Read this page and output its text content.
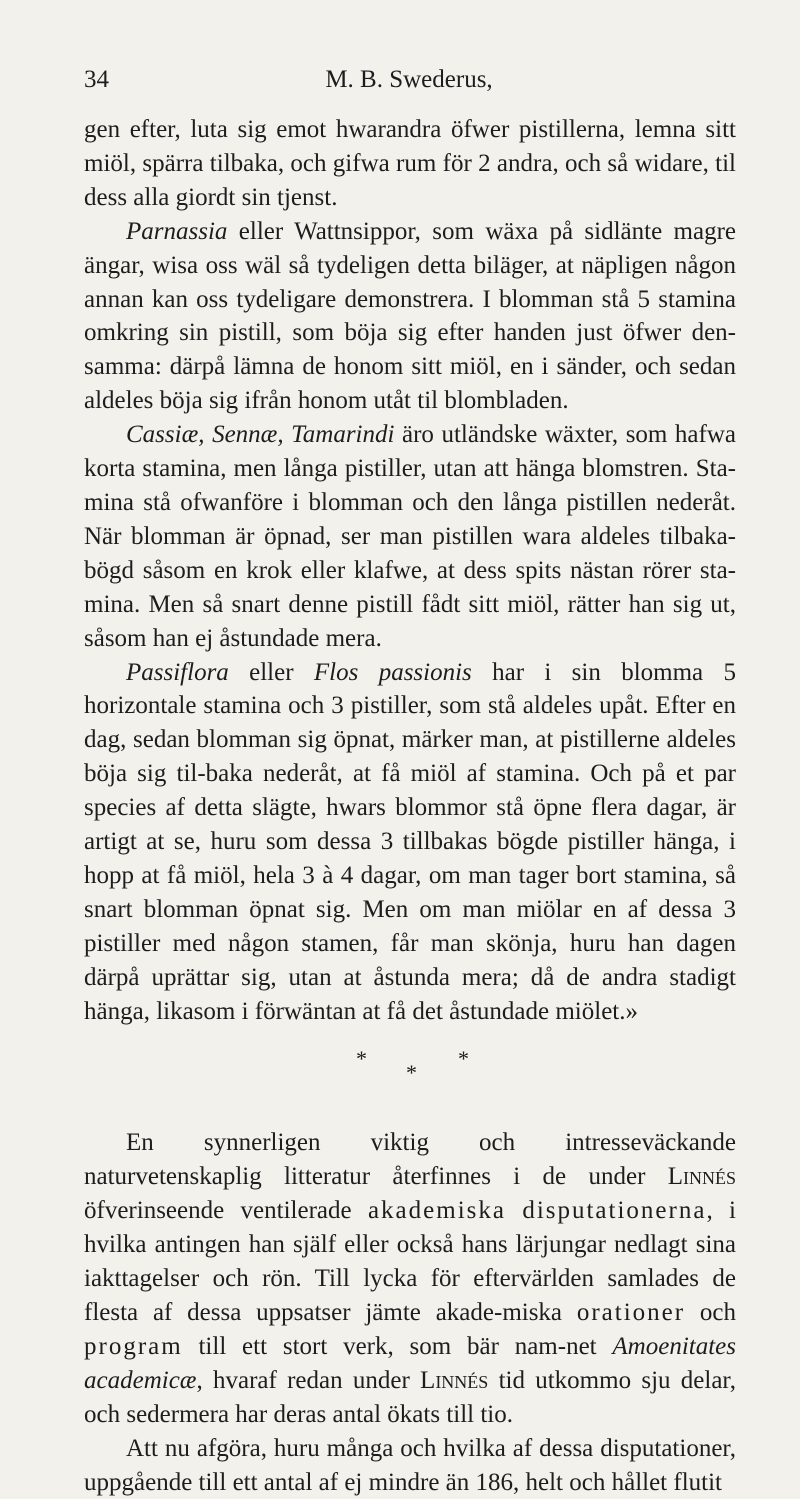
34	M. B. Swederus,

gen efter, luta sig emot hwarandra öfwer pistillerna, lemna sitt miöl, spärra tilbaka, och gifwa rum för 2 andra, och så widare, til dess alla giordt sin tjenst.

Parnassia eller Wattnsippor, som wäxa på sidlänte magre ängar, wisa oss wäl så tydeligen detta biläger, at näpligen någon annan kan oss tydeligare demonstrera. I blomman stå 5 stamina omkring sin pistill, som böja sig efter handen just öfwer den-samma: därpå lämna de honom sitt miöl, en i sänder, och sedan aldeles böja sig ifrån honom utåt til blombladen.

Cassiæ, Sennæ, Tamarindi äro utländske wäxter, som hafwa korta stamina, men långa pistiller, utan att hänga blomstren. Sta-mina stå ofwanföre i blomman och den långa pistillen nederåt. När blomman är öpnad, ser man pistillen wara aldeles tilbaka-bögd såsom en krok eller klafwe, at dess spits nästan rörer sta-mina. Men så snart denne pistill fådt sitt miöl, rätter han sig ut, såsom han ej åstundade mera.

Passiflora eller Flos passionis har i sin blomma 5 horizontale stamina och 3 pistiller, som stå aldeles upåt. Efter en dag, sedan blomman sig öpnat, märker man, at pistillerne aldeles böja sig til-baka nederåt, at få miöl af stamina. Och på et par species af detta slägte, hwars blommor stå öpne flera dagar, är artigt at se, huru som dessa 3 tillbakas bögde pistiller hänga, i hopp at få miöl, hela 3 à 4 dagar, om man tager bort stamina, så snart blomman öpnat sig. Men om man miölar en af dessa 3 pistiller med någon stamen, får man skönja, huru han dagen därpå uprättar sig, utan at åstunda mera; då de andra stadigt hänga, likasom i förwäntan at få det åstundade miölet.»

*	*
*

En synnerligen viktig och intresseväckande naturvetenskaplig litteratur återfinnes i de under Linnés öfverinseende ventilerade akademiska disputationerna, i hvilka antingen han själf eller också hans lärjungar nedlagt sina iakttagelser och rön. Till lycka för eftervärlden samlades de flesta af dessa uppsatser jämte akade-miska orationer och program till ett stort verk, som bär nam-net Amoenitates academicæ, hvaraf redan under Linnés tid utkommo sju delar, och sedermera har deras antal ökats till tio.

Att nu afgöra, huru många och hvilka af dessa disputationer, uppgående till ett antal af ej mindre än 186, helt och hållet flutit
